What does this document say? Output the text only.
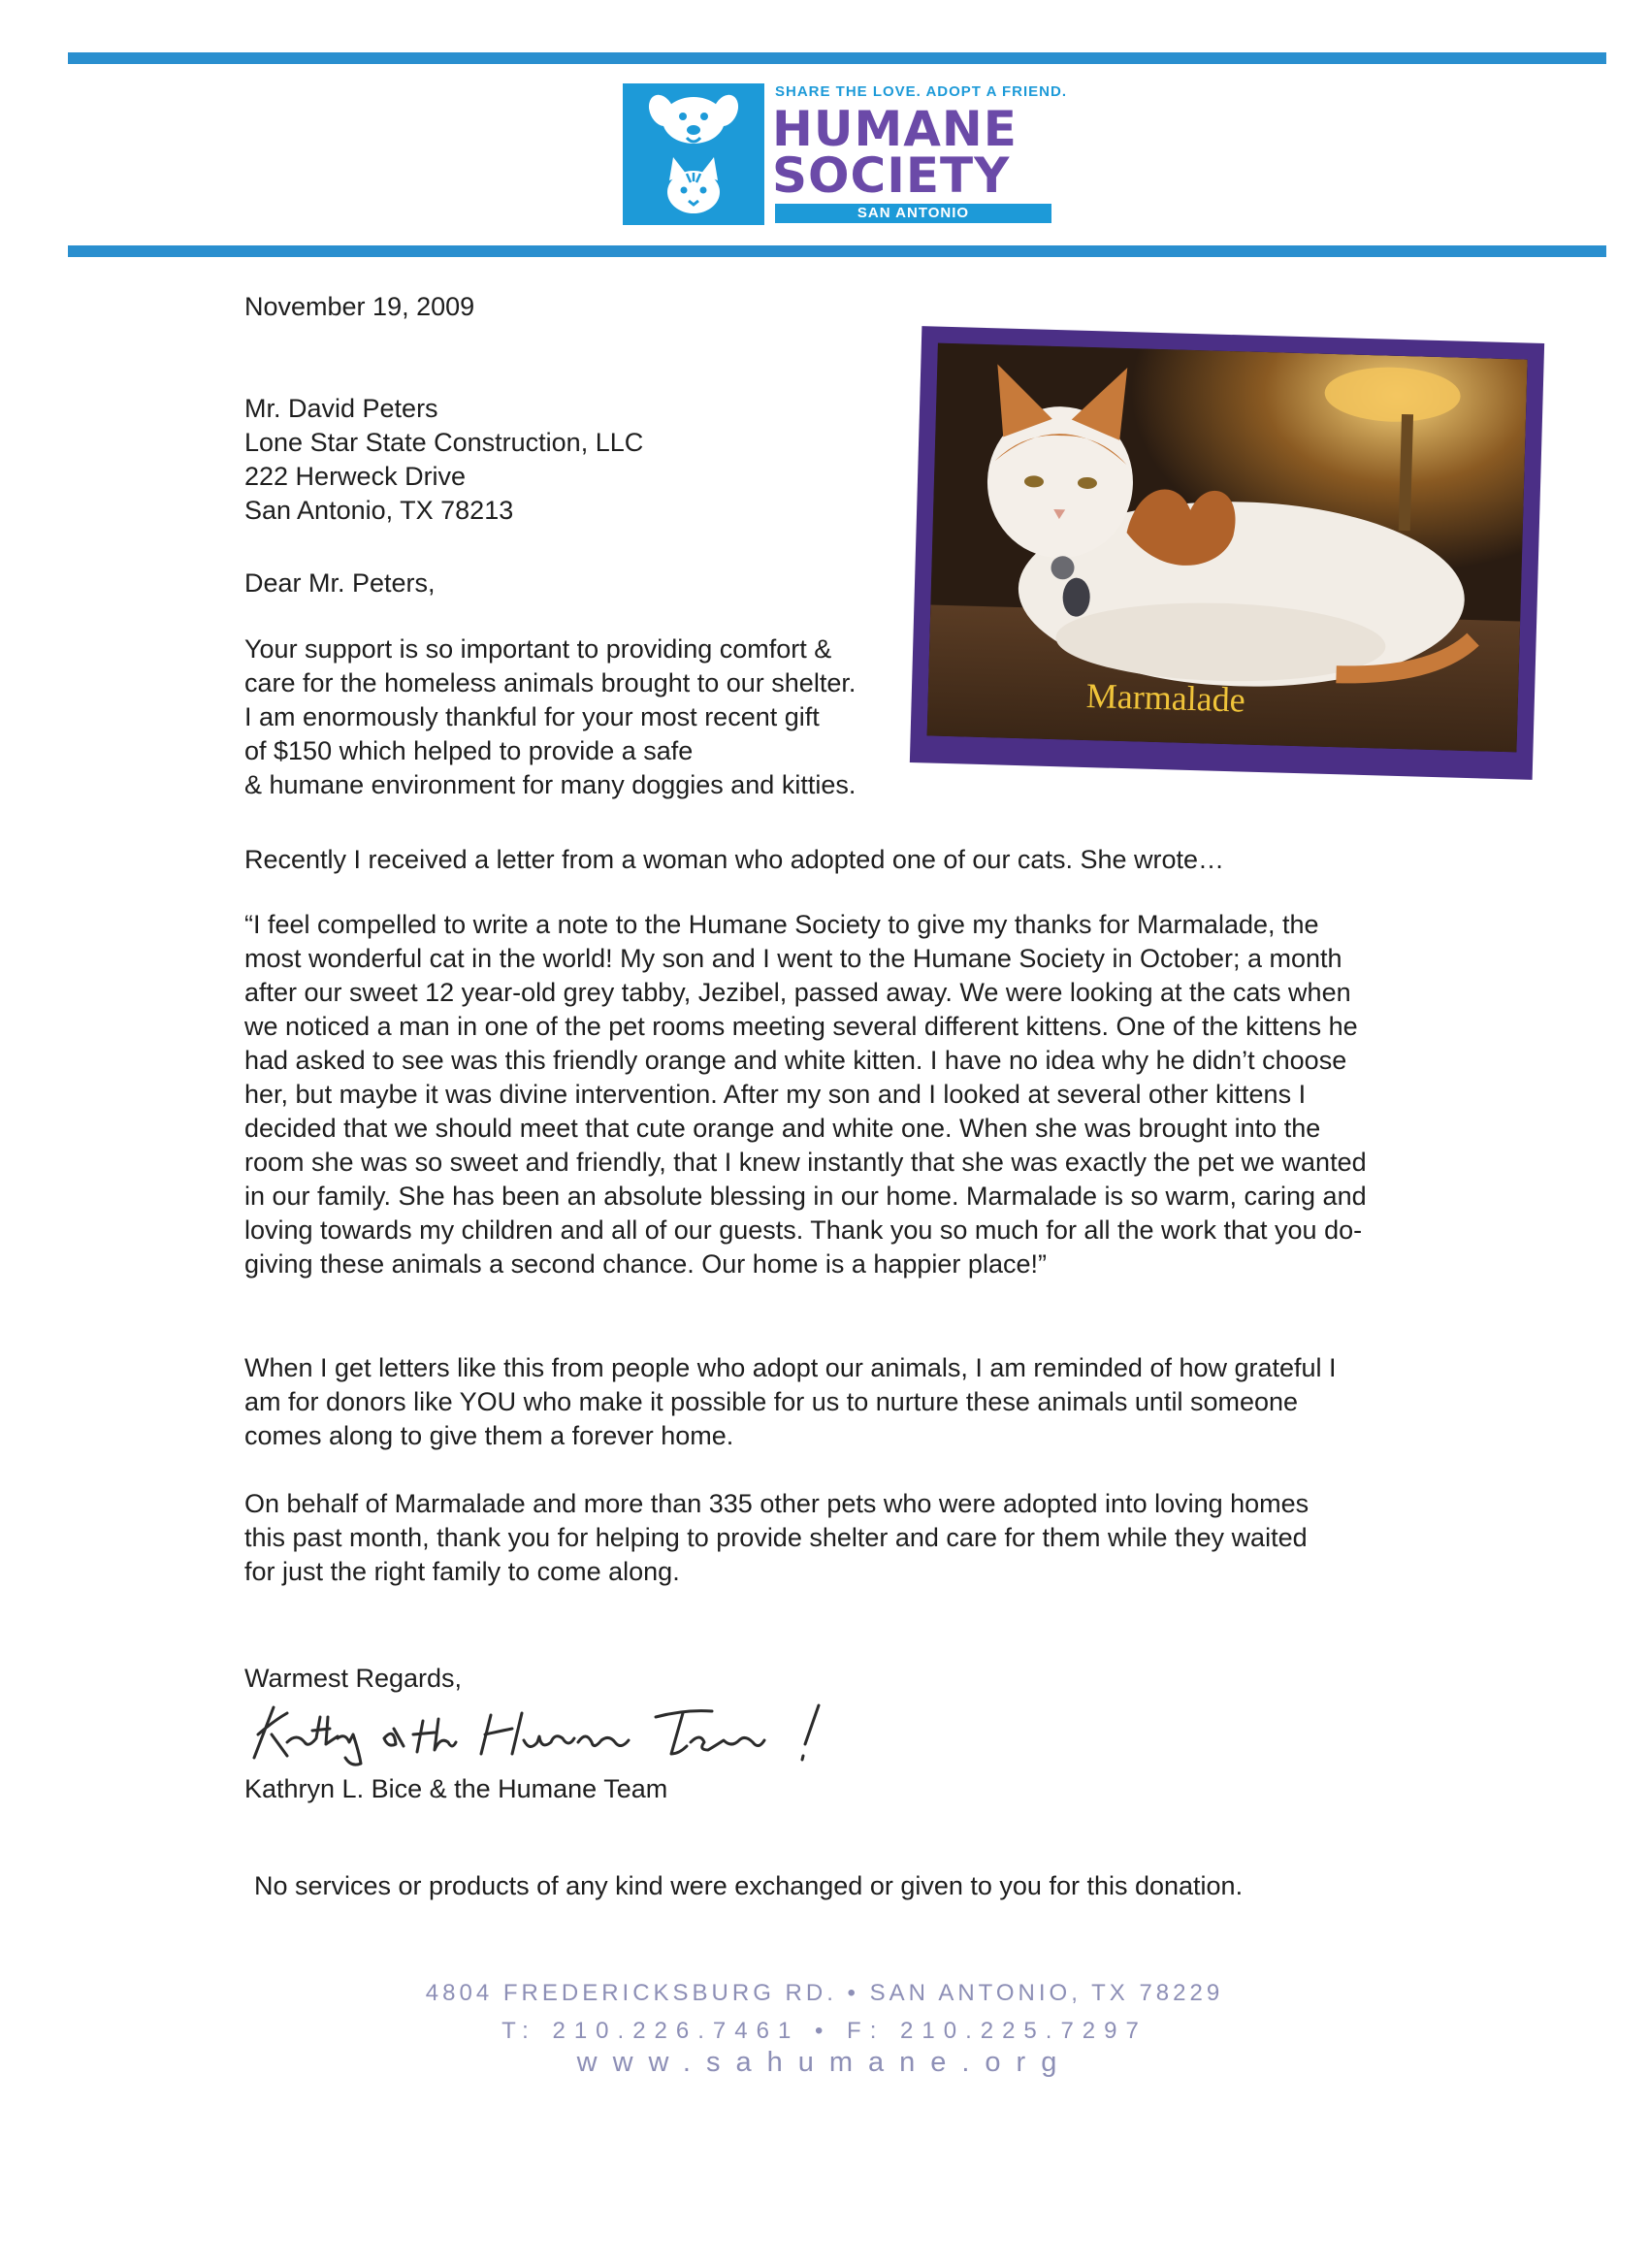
SHARE THE LOVE. ADOPT A FRIEND.
HUMANE
SOCIETY
SAN ANTONIO
November 19, 2009
Mr. David Peters
Lone Star State Construction, LLC
222 Herweck Drive
San Antonio, TX 78213
Dear Mr. Peters,
Your support is so important to providing comfort &
care for the homeless animals brought to our shelter.
I am enormously thankful for your most recent gift
of $150 which helped to provide a safe
& humane environment for many doggies and kitties.
Marmalade
Recently I received a letter from a woman who adopted one of our cats. She wrote…
“I feel compelled to write a note to the Humane Society to give my thanks for Marmalade, the
most wonderful cat in the world! My son and I went to the Humane Society in October; a month
after our sweet 12 year-old grey tabby, Jezibel, passed away. We were looking at the cats when
we noticed a man in one of the pet rooms meeting several different kittens. One of the kittens he
had asked to see was this friendly orange and white kitten. I have no idea why he didn’t choose
her, but maybe it was divine intervention. After my son and I looked at several other kittens I
decided that we should meet that cute orange and white one. When she was brought into the
room she was so sweet and friendly, that I knew instantly that she was exactly the pet we wanted
in our family. She has been an absolute blessing in our home. Marmalade is so warm, caring and
loving towards my children and all of our guests. Thank you so much for all the work that you do-
giving these animals a second chance. Our home is a happier place!”
When I get letters like this from people who adopt our animals, I am reminded of how grateful I
am for donors like YOU who make it possible for us to nurture these animals until someone
comes along to give them a forever home.
On behalf of Marmalade and more than 335 other pets who were adopted into loving homes
this past month, thank you for helping to provide shelter and care for them while they waited
for just the right family to come along.
Warmest Regards,
Kathryn L. Bice & the Humane Team
No services or products of any kind were exchanged or given to you for this donation.
4804 FREDERICKSBURG RD. • SAN ANTONIO, TX 78229
T: 210.226.7461 • F: 210.225.7297
www.sahumane.org
